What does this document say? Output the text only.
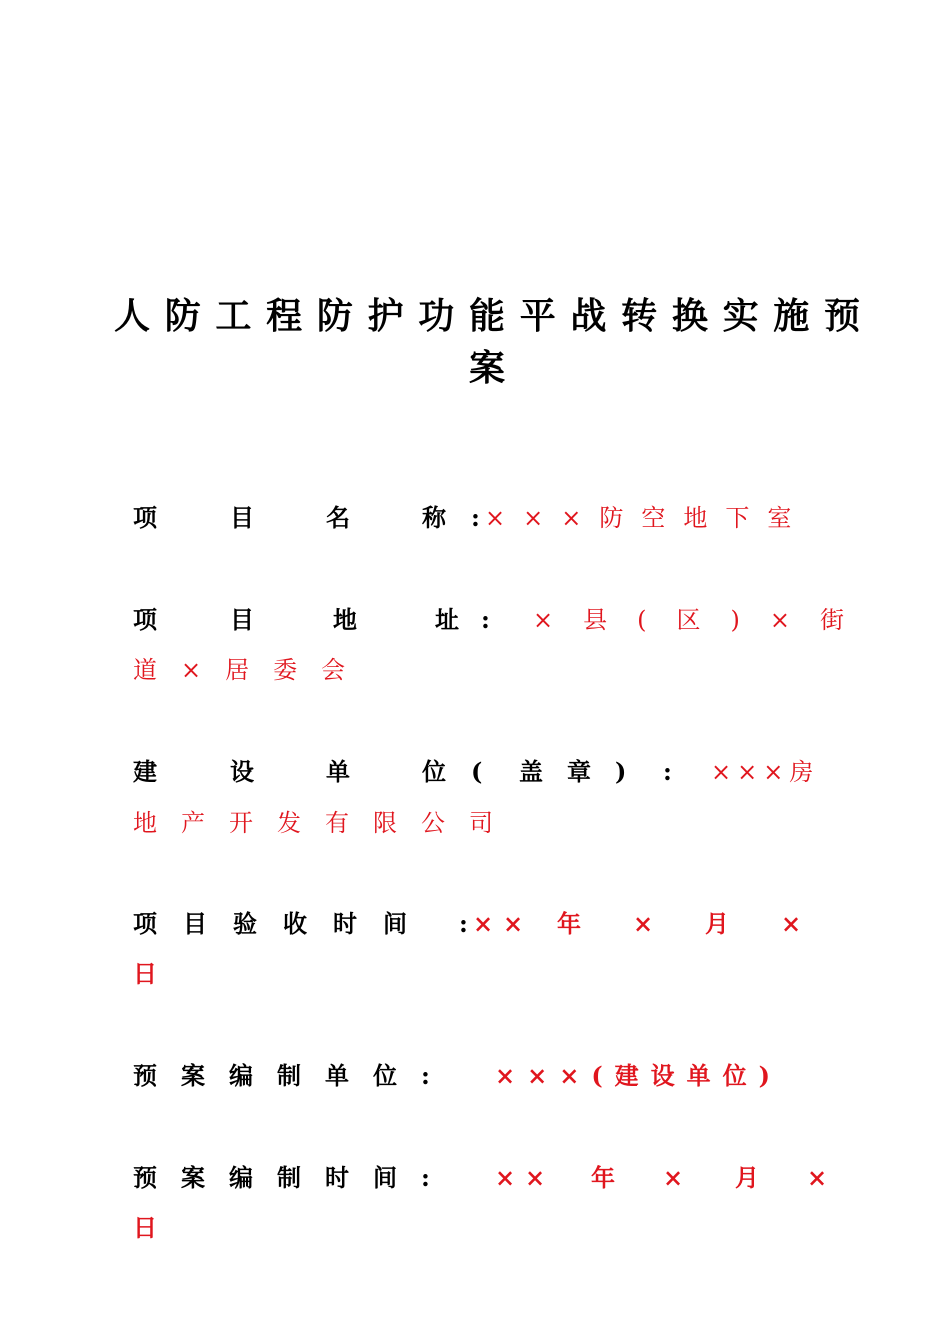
人 防 工 程 防 护 功 能 平 战 转 换 实 施 预
案
项	目	名	称 : ×××防空地下室
项	目	地	址 : ×县(区)×街
道×居委会
建	设	单	位 ( 盖 章 ) : ×××房
地产开发有限公司
项 目 验 收 时 间 : × × 年 × 月 ×
日
预案编制单位: ×××(建设单位)
预案编制时间: × × 年 × 月 ×
日
